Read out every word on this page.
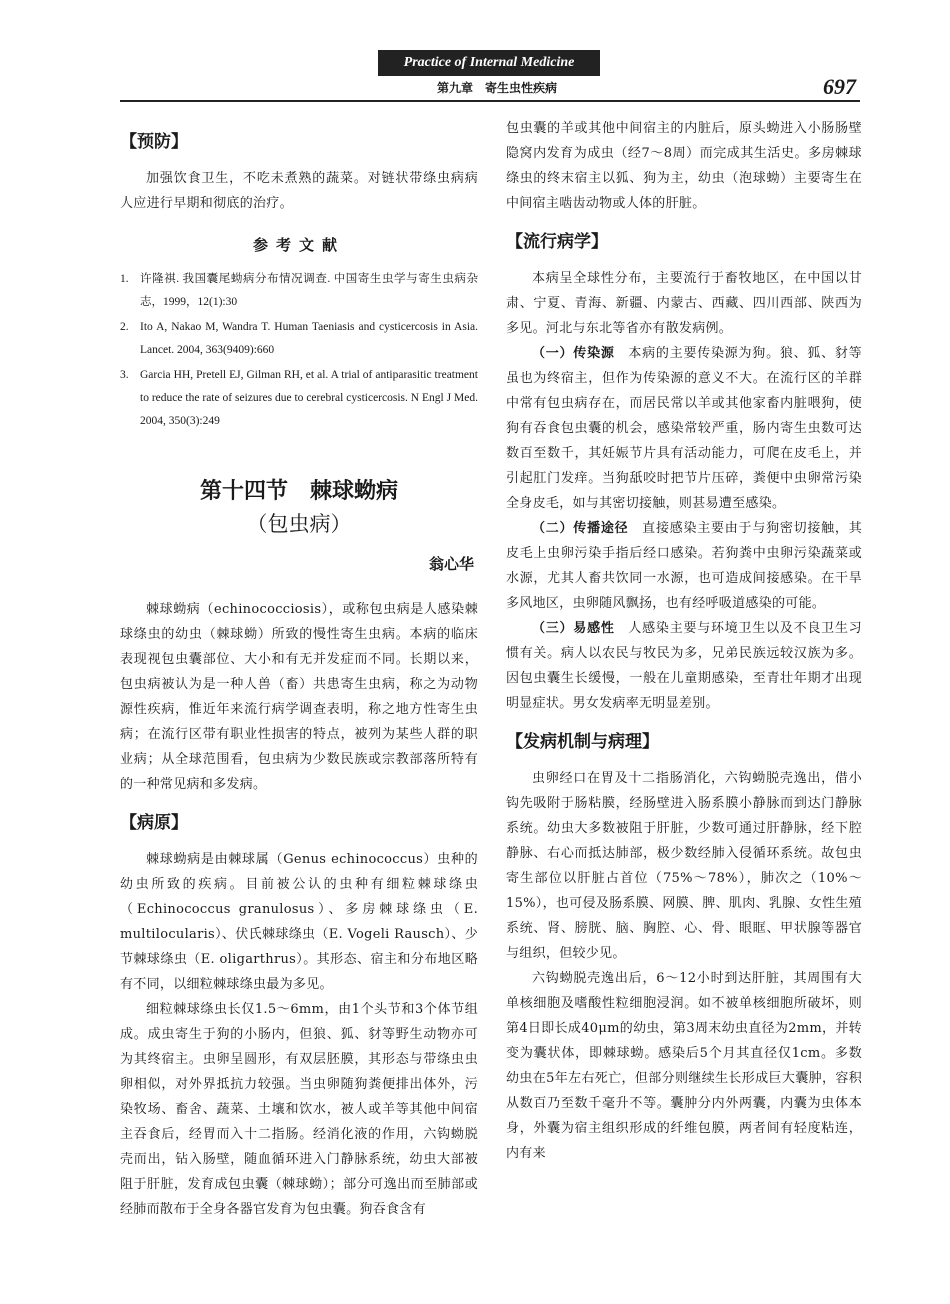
Practice of Internal Medicine
第九章　寄生虫性疾病	697
【预防】

加强饮食卫生，不吃未煮熟的蔬菜。对链状带绦虫病病人应进行早期和彻底的治疗。

参考文献
1. 许隆祺. 我国囊尾蚴病分布情况调查. 中国寄生虫学与寄生虫病杂志，1999，12(1):30
2. Ito A, Nakao M, Wandra T. Human Taeniasis and cysticercosis in Asia. Lancet. 2004, 363(9409):660
3. Garcia HH, Pretell EJ, Gilman RH, et al. A trial of antiparasitic treatment to reduce the rate of seizures due to cerebral cysticercosis. N Engl J Med. 2004, 350(3):249
第十四节　棘球蚴病
（包虫病）
翁心华

棘球蚴病（echinococciosis），或称包虫病是人感染棘球绦虫的幼虫（棘球蚴）所致的慢性寄生虫病。本病的临床表现视包虫囊部位、大小和有无并发症而不同。长期以来，包虫病被认为是一种人兽（畜）共患寄生虫病，称之为动物源性疾病，惟近年来流行病学调查表明，称之地方性寄生虫病；在流行区带有职业性损害的特点，被列为某些人群的职业病；从全球范围看，包虫病为少数民族或宗教部落所特有的一种常见病和多发病。

【病原】

棘球蚴病是由棘球属（Genus echinococcus）虫种的幼虫所致的疾病。目前被公认的虫种有细粒棘球绦虫（Echinococcus granulosus）、多房棘球绦虫（E. multilocularis）、伏氏棘球绦虫（E. Vogeli Rausch）、少节棘球绦虫（E. oligarthrus）。其形态、宿主和分布地区略有不同，以细粒棘球绦虫最为多见。

细粒棘球绦虫长仅1.5～6mm，由1个头节和3个体节组成。成虫寄生于狗的小肠内，但狼、狐、豺等野生动物亦可为其终宿主。虫卵呈圆形，有双层胚膜，其形态与带绦虫虫卵相似，对外界抵抗力较强。当虫卵随狗粪便排出体外，污染牧场、畜舍、蔬菜、土壤和饮水，被人或羊等其他中间宿主吞食后，经胃而入十二指肠。经消化液的作用，六钩蚴脱壳而出，钻入肠壁，随血循环进入门静脉系统，幼虫大部被阻于肝脏，发育成包虫囊（棘球蚴）；部分可逸出而至肺部或经肺而散布于全身各器官发育为包虫囊。狗吞食含有

包虫囊的羊或其他中间宿主的内脏后，原头蚴进入小肠肠壁隐窝内发育为成虫（经7～8周）而完成其生活史。多房棘球绦虫的终末宿主以狐、狗为主，幼虫（泡球蚴）主要寄生在中间宿主啮齿动物或人体的肝脏。

【流行病学】

本病呈全球性分布，主要流行于畜牧地区，在中国以甘肃、宁夏、青海、新疆、内蒙古、西藏、四川西部、陕西为多见。河北与东北等省亦有散发病例。

（一）传染源　 本病的主要传染源为狗。狼、狐、豺等虽也为终宿主，但作为传染源的意义不大。在流行区的羊群中常有包虫病存在，而居民常以羊或其他家畜内脏喂狗，使狗有吞食包虫囊的机会，感染常较严重，肠内寄生虫数可达数百至数千，其妊娠节片具有活动能力，可爬在皮毛上，并引起肛门发痒。当狗舐咬时把节片压碎，粪便中虫卵常污染全身皮毛，如与其密切接触，则甚易遭至感染。

（二）传播途径　 直接感染主要由于与狗密切接触，其皮毛上虫卵污染手指后经口感染。若狗粪中虫卵污染蔬菜或水源，尤其人畜共饮同一水源，也可造成间接感染。在干旱多风地区，虫卵随风飘扬，也有经呼吸道感染的可能。

（三）易感性　 人感染主要与环境卫生以及不良卫生习惯有关。病人以农民与牧民为多，兄弟民族远较汉族为多。因包虫囊生长缓慢，一般在儿童期感染，至青壮年期才出现明显症状。男女发病率无明显差别。

【发病机制与病理】

虫卵经口在胃及十二指肠消化，六钩蚴脱壳逸出，借小钩先吸附于肠粘膜，经肠壁进入肠系膜小静脉而到达门静脉系统。幼虫大多数被阻于肝脏，少数可通过肝静脉，经下腔静脉、右心而抵达肺部，极少数经肺入侵循环系统。故包虫寄生部位以肝脏占首位（75%～78%），肺次之（10%～15%），也可侵及肠系膜、网膜、脾、肌肉、乳腺、女性生殖系统、肾、膀胱、脑、胸腔、心、骨、眼眶、甲状腺等器官与组织，但较少见。

六钩蚴脱壳逸出后，6～12小时到达肝脏，其周围有大单核细胞及嗜酸性粒细胞浸润。如不被单核细胞所破坏，则第4日即长成40μm的幼虫，第3周末幼虫直径为2mm，并转变为囊状体，即棘球蚴。感染后5个月其直径仅1cm。多数幼虫在5年左右死亡，但部分则继续生长形成巨大囊肿，容积从数百乃至数千毫升不等。囊肿分内外两囊，内囊为虫体本身，外囊为宿主组织形成的纤维包膜，两者间有轻度粘连，内有来
